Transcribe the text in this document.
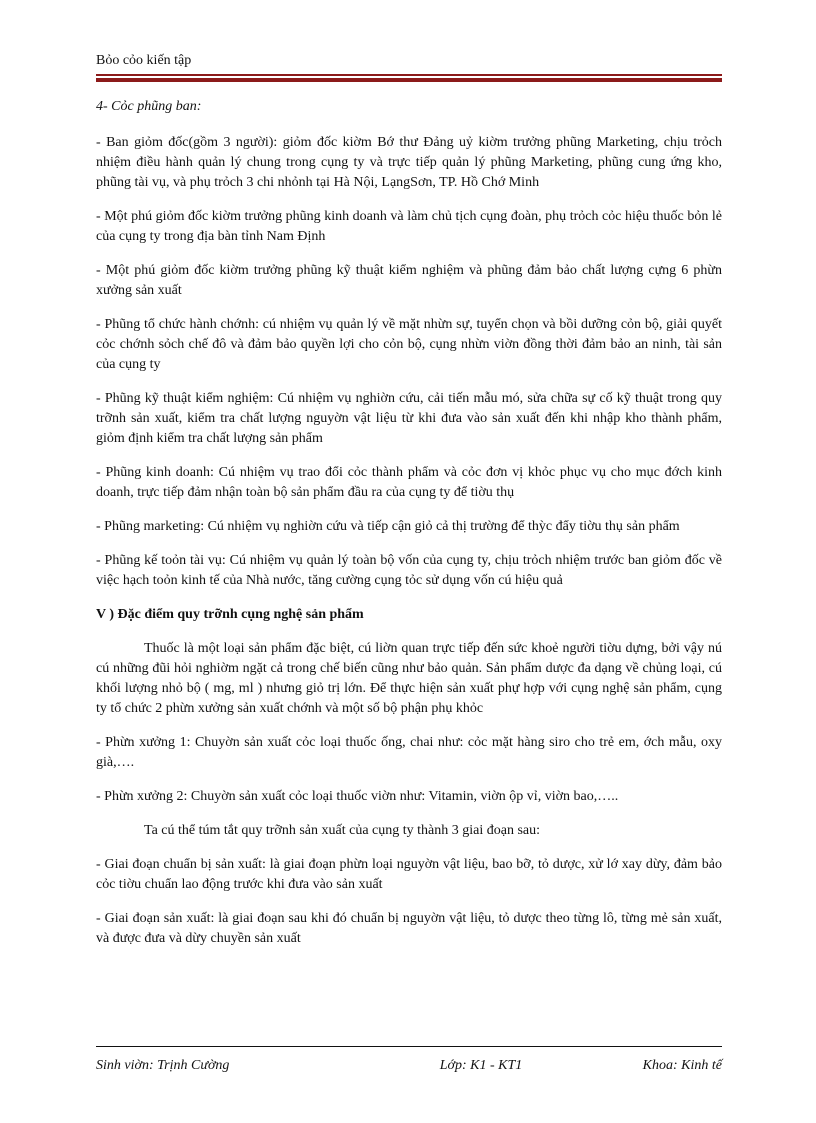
Bỏo cỏo kiến tập

4- Cỏc phũng ban:

- Ban giỏm đốc(gồm 3 người): giỏm đốc kiờm Bớ thư Đảng uỷ kiờm trưởng phũng Marketing, chịu trỏch nhiệm điều hành quản lý chung trong cụng ty và trực tiếp quản lý phũng Marketing, phũng cung ứng kho, phũng tài vụ, và phụ trỏch 3 chi nhỏnh tại Hà Nội, LạngSơn, TP. Hồ Chớ Minh

- Một phú giỏm đốc kiờm trưởng phũng kinh doanh và làm chủ tịch cụng đoàn, phụ trỏch cỏc hiệu thuốc bỏn lẻ của cụng ty trong địa bàn tỉnh Nam Định

- Một phú giỏm đốc kiờm trưởng phũng kỹ thuật kiểm nghiệm và phũng đảm bảo chất lượng cựng 6 phừn xưởng sản xuất

- Phũng tổ chức hành chớnh: cú nhiệm vụ quản lý về mặt nhừn sự, tuyển chọn và bồi dưỡng cỏn bộ, giải quyết cỏc chớnh sỏch chế đô và đảm bảo quyền lợi cho cỏn bộ, cụng nhừn viờn đồng thời đảm bảo an ninh, tài sản của cụng ty

- Phũng kỹ thuật kiểm nghiệm: Cú nhiệm vụ nghiờn cứu, cải tiến mẫu mó, sửa chữa sự cố kỹ thuật trong quy trỡnh sản xuất, kiểm tra chất lượng nguyờn vật liệu từ khi đưa vào sản xuất đến khi nhập kho thành phẩm, giỏm định kiểm tra chất lượng sản phẩm

- Phũng kinh doanh: Cú nhiệm vụ trao đổi cỏc thành phẩm và cỏc đơn vị khỏc phục vụ cho mục đớch kinh doanh, trực tiếp đảm nhận toàn bộ sản phẩm đầu ra của cụng ty để tiờu thụ

- Phũng marketing: Cú nhiệm vụ nghiờn cứu và tiếp cận giỏ cả thị trường để thỳc đẩy tiờu thụ sản phẩm

- Phũng kế toỏn tài vụ: Cú nhiệm vụ quản lý toàn bộ vốn của cụng ty, chịu trỏch nhiệm trước ban giỏm đốc về việc hạch toỏn kinh tế của Nhà nước, tăng cường cụng tỏc sử dụng vốn cú hiệu quả

V ) Đặc điểm quy trỡnh cụng nghệ sản phẩm

Thuốc là một loại sản phẩm đặc biệt, cú liờn quan trực tiếp đến sức khoẻ người tiờu dựng, bởi vậy nú cú những đũi hỏi nghiờm ngặt cả trong chế biến cũng như bảo quản. Sản phẩm dược đa dạng về chủng loại, cú khối lượng nhỏ bộ ( mg, ml ) nhưng giỏ trị lớn. Để thực hiện sản xuất phự hợp với cụng nghệ sản phẩm, cụng ty tổ chức 2 phừn xưởng sản xuất chớnh và một số bộ phận phụ khỏc

- Phừn xưởng 1: Chuyờn sản xuất cỏc loại thuốc ống, chai như: cỏc mặt hàng siro cho trẻ em, ớch mẫu, oxy già,….

- Phừn xưởng 2: Chuyờn sản xuất cỏc loại thuốc viờn như: Vitamin, viờn ộp vỉ, viờn bao,…..

Ta cú thể túm tắt quy trỡnh sản xuất của cụng ty thành 3 giai đoạn sau:

- Giai đoạn chuẩn bị sản xuất: là giai đoạn phừn loại nguyờn vật liệu, bao bỡ, tỏ dược, xử lớ xay dừy, đảm bảo cỏc tiờu chuẩn lao động trước khi đưa vào sản xuất

- Giai đoạn sản xuất: là giai đoạn sau khi đó chuẩn bị nguyờn vật liệu, tỏ dược theo từng lô, từng mẻ sản xuất, và được đưa và dừy chuyền sản xuất

Sinh viờn: Trịnh Cường	Lớp: K1 - KT1	Khoa: Kinh tế
